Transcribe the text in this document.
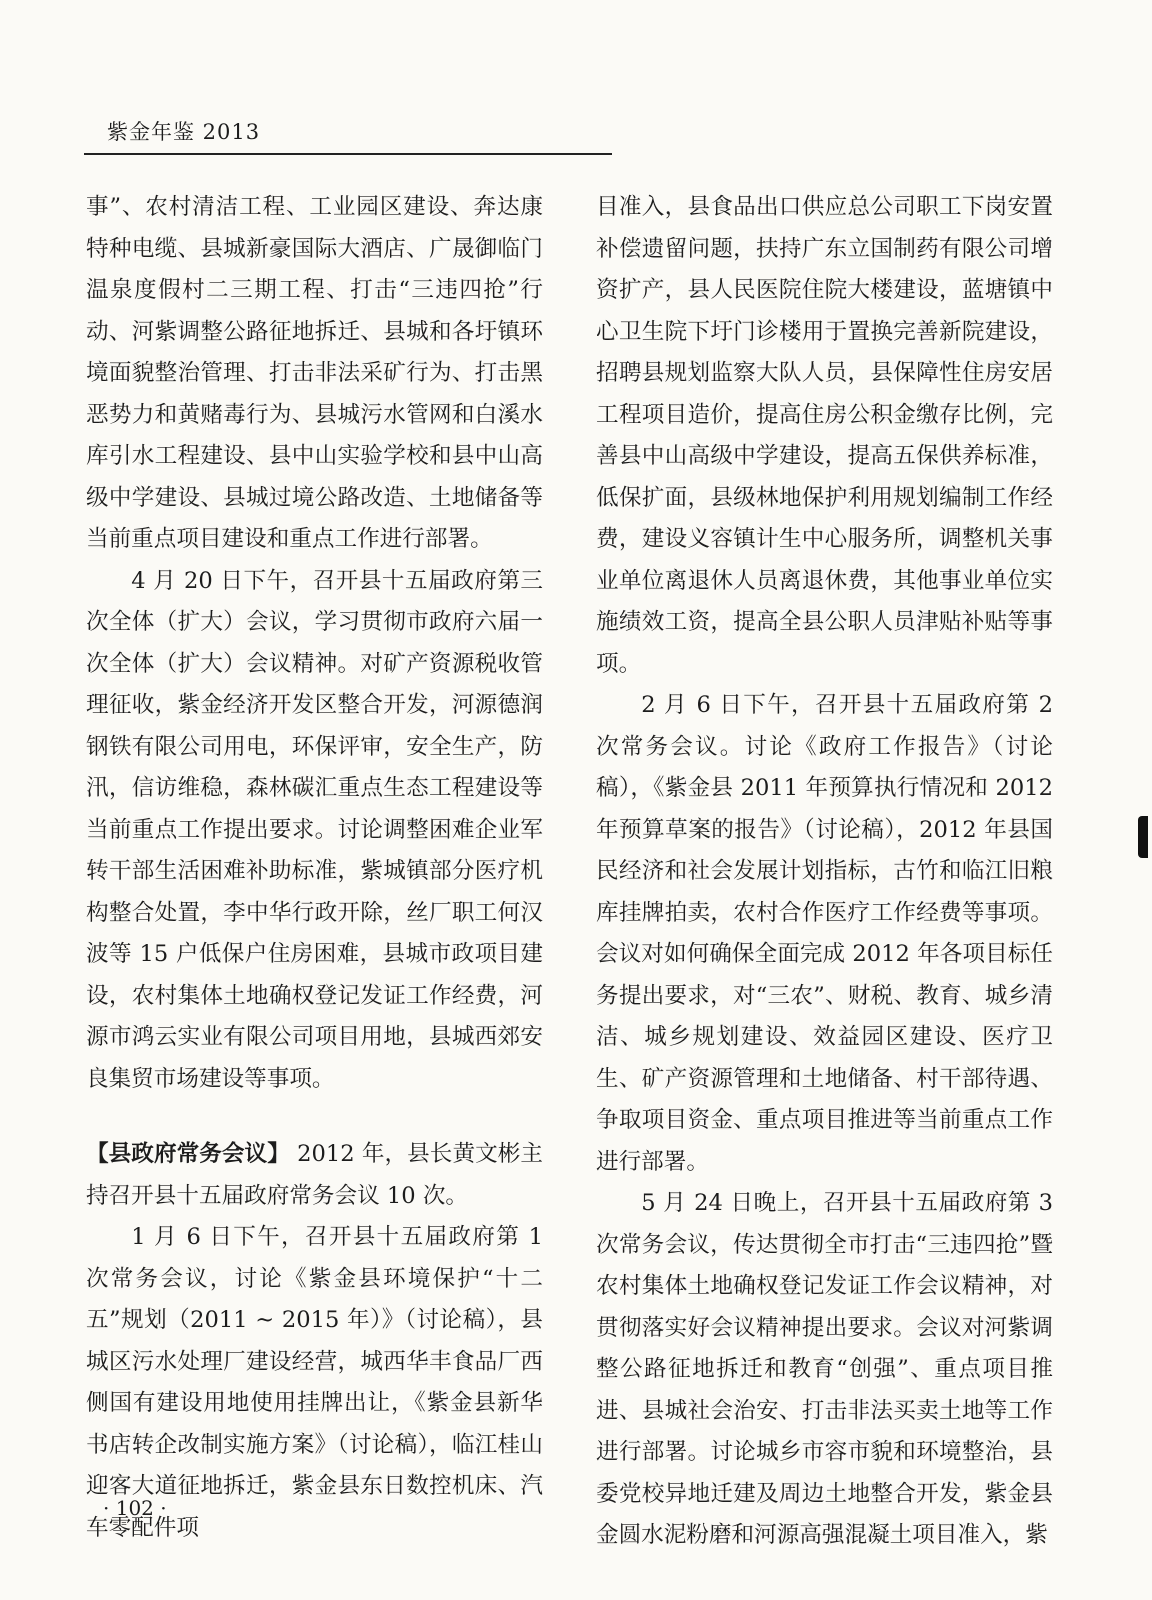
紫金年鉴 2013

事”、农村清洁工程、工业园区建设、奔达康特种电缆、县城新豪国际大酒店、广晟御临门温泉度假村二三期工程、打击“三违四抢”行动、河紫调整公路征地拆迁、县城和各圩镇环境面貌整治管理、打击非法采矿行为、打击黑恶势力和黄赌毒行为、县城污水管网和白溪水库引水工程建设、县中山实验学校和县中山高级中学建设、县城过境公路改造、土地储备等当前重点项目建设和重点工作进行部署。

4 月 20 日下午，召开县十五届政府第三次全体（扩大）会议，学习贯彻市政府六届一次全体（扩大）会议精神。对矿产资源税收管理征收，紫金经济开发区整合开发，河源德润钢铁有限公司用电，环保评审，安全生产，防汛，信访维稳，森林碳汇重点生态工程建设等当前重点工作提出要求。讨论调整困难企业军转干部生活困难补助标准，紫城镇部分医疗机构整合处置，李中华行政开除，丝厂职工何汉波等 15 户低保户住房困难，县城市政项目建设，农村集体土地确权登记发证工作经费，河源市鸿云实业有限公司项目用地，县城西郊安良集贸市场建设等事项。

【县政府常务会议】 2012 年，县长黄文彬主持召开县十五届政府常务会议 10 次。

1 月 6 日下午，召开县十五届政府第 1 次常务会议，讨论《紫金县环境保护“十二五”规划（2011 ~ 2015 年）》（讨论稿），县城区污水处理厂建设经营，城西华丰食品厂西侧国有建设用地使用挂牌出让，《紫金县新华书店转企改制实施方案》（讨论稿），临江桂山迎客大道征地拆迁，紫金县东日数控机床、汽车零配件项

目准入，县食品出口供应总公司职工下岗安置补偿遗留问题，扶持广东立国制药有限公司增资扩产，县人民医院住院大楼建设，蓝塘镇中心卫生院下圩门诊楼用于置换完善新院建设，招聘县规划监察大队人员，县保障性住房安居工程项目造价，提高住房公积金缴存比例，完善县中山高级中学建设，提高五保供养标准，低保扩面，县级林地保护利用规划编制工作经费，建设义容镇计生中心服务所，调整机关事业单位离退休人员离退休费，其他事业单位实施绩效工资，提高全县公职人员津贴补贴等事项。

2 月 6 日下午，召开县十五届政府第 2 次常务会议。讨论《政府工作报告》（讨论稿），《紫金县 2011 年预算执行情况和 2012 年预算草案的报告》（讨论稿），2012 年县国民经济和社会发展计划指标，古竹和临江旧粮库挂牌拍卖，农村合作医疗工作经费等事项。会议对如何确保全面完成 2012 年各项目标任务提出要求，对“三农”、财税、教育、城乡清洁、城乡规划建设、效益园区建设、医疗卫生、矿产资源管理和土地储备、村干部待遇、争取项目资金、重点项目推进等当前重点工作进行部署。

5 月 24 日晚上，召开县十五届政府第 3 次常务会议，传达贯彻全市打击“三违四抢”暨农村集体土地确权登记发证工作会议精神，对贯彻落实好会议精神提出要求。会议对河紫调整公路征地拆迁和教育“创强”、重点项目推进、县城社会治安、打击非法买卖土地等工作进行部署。讨论城乡市容市貌和环境整治，县委党校异地迁建及周边土地整合开发，紫金县金圆水泥粉磨和河源高强混凝土项目准入，紫

· 102 ·
